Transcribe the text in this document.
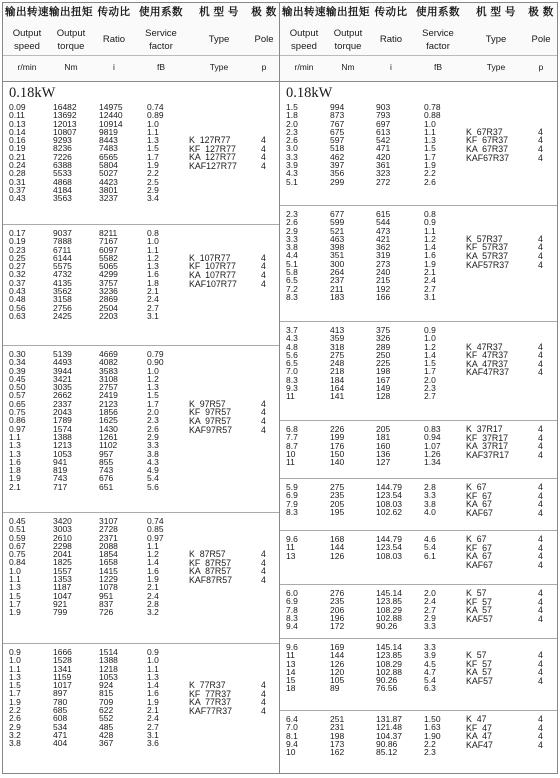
输出转速
Output
speed
r/min
输出扭矩
Output
torque
Nm
传动比
Ratio
i
使用系数
Service
factor
fB
机 型 号
Type
Type
极 数
Pole
p
0.18kW
0.09
0.11
0.13
0.14
0.16
0.19
0.21
0.24
0.28
0.31
0.37
0.43
16482
13692
12013
10807
9293
8236
7226
6388
5533
4868
4184
3563
14975
12440
10914
9819
8443
7483
6565
5804
5027
4423
3801
3237
0.74
0.89
1.0
1.1
1.3
1.5
1.7
1.9
2.2
2.5
2.9
3.4
K  127R77
KF  127R77
KA  127R77
KAF127R77
4
4
4
4
0.17
0.19
0.23
0.25
0.27
0.32
0.37
0.43
0.48
0.56
0.63
9037
7888
6711
6144
5575
4732
4135
3562
3158
2756
2425
8211
7167
6097
5582
5065
4299
3757
3236
2869
2504
2203
0.8
1.0
1.1
1.2
1.3
1.6
1.8
2.1
2.4
2.7
3.1
K  107R77
KF  107R77
KA  107R77
KAF107R77
4
4
4
4
0.30
0.34
0.39
0.45
0.50
0.57
0.65
0.75
0.86
0.97
1.1
1.3
1.3
1.6
1.8
1.9
2.1
5139
4493
3944
3421
3035
2662
2337
2043
1789
1574
1388
1213
1053
941
819
743
717
4669
4082
3583
3108
2757
2419
2123
1856
1625
1430
1261
1102
957
855
743
676
651
0.79
0.90
1.0
1.2
1.3
1.5
1.7
2.0
2.3
2.6
2.9
3.3
3.8
4.3
4.9
5.4
5.6
K  97R57
KF  97R57
KA  97R57
KAF97R57
4
4
4
4
0.45
0.51
0.59
0.67
0.75
0.84
1.0
1.1
1.3
1.5
1.7
1.9
3420
3003
2610
2298
2041
1825
1557
1353
1187
1047
921
799
3107
2728
2371
2088
1854
1658
1415
1229
1078
951
837
726
0.74
0.85
0.97
1.1
1.2
1.4
1.6
1.9
2.1
2.4
2.8
3.2
K  87R57
KF  87R57
KA  87R57
KAF87R57
4
4
4
4
0.9
1.0
1.1
1.3
1.5
1.7
1.9
2.2
2.6
2.9
3.2
3.8
1666
1528
1341
1159
1017
897
780
685
608
534
471
404
1514
1388
1218
1053
924
815
709
622
552
485
428
367
0.9
1.0
1.1
1.3
1.4
1.6
1.9
2.1
2.4
2.7
3.1
3.6
K  77R37
KF  77R37
KA  77R37
KAF77R37
4
4
4
4
输出转速
Output
speed
r/min
输出扭矩
Output
torque
Nm
传动比
Ratio
i
使用系数
Service
factor
fB
机 型 号
Type
Type
极 数
Pole
p
0.18kW
1.5
1.8
2.0
2.3
2.6
3.0
3.3
3.9
4.3
5.1
994
873
767
675
597
518
462
397
356
299
903
793
697
613
542
471
420
361
323
272
0.78
0.88
1.0
1.1
1.3
1.5
1.7
1.9
2.2
2.6
K  67R37
KF  67R37
KA  67R37
KAF67R37
4
4
4
4
2.3
2.6
2.9
3.3
3.8
4.4
5.1
5.8
6.5
7.2
8.3
677
599
521
463
398
351
300
264
237
211
183
615
544
473
421
362
319
273
240
215
192
166
0.8
0.9
1.1
1.2
1.4
1.6
1.9
2.1
2.4
2.7
3.1
K  57R37
KF  57R37
KA  57R37
KAF57R37
4
4
4
4
3.7
4.3
4.8
5.6
6.5
7.0
8.3
9.3
11
413
359
318
275
248
218
184
164
141
375
326
289
250
225
198
167
149
128
0.9
1.0
1.2
1.4
1.5
1.7
2.0
2.3
2.7
K  47R37
KF  47R37
KA  47R37
KAF47R37
4
4
4
4
6.8
7.7
8.7
10
11
226
199
176
150
140
205
181
160
136
127
0.83
0.94
1.07
1.26
1.34
K  37R17
KF  37R17
KA  37R17
KAF37R17
4
4
4
4
5.9
6.9
7.9
8.3
275
235
205
195
144.79
123.54
108.03
102.62
2.8
3.3
3.8
4.0
K  67
KF  67
KA  67
KAF67
4
4
4
4
9.6
11
13
168
144
126
144.79
123.54
108.03
4.6
5.4
6.1
K  67
KF  67
KA  67
KAF67
4
4
4
4
6.0
6.9
7.8
8.3
9.4
276
235
206
196
172
145.14
123.85
108.29
102.88
90.26
2.0
2.4
2.7
2.9
3.3
K  57
KF  57
KA  57
KAF57
4
4
4
4
9.6
11
13
14
15
18
169
144
126
120
105
89
145.14
123.85
108.29
102.88
90.26
76.56
3.3
3.9
4.5
4.7
5.4
6.3
K  57
KF  57
KA  57
KAF57
4
4
4
4
6.4
7.0
8.1
9.4
10
251
231
198
173
162
131.87
121.48
104.37
90.86
85.12
1.50
1.63
1.90
2.2
2.3
K  47
KF  47
KA  47
KAF47
4
4
4
4
